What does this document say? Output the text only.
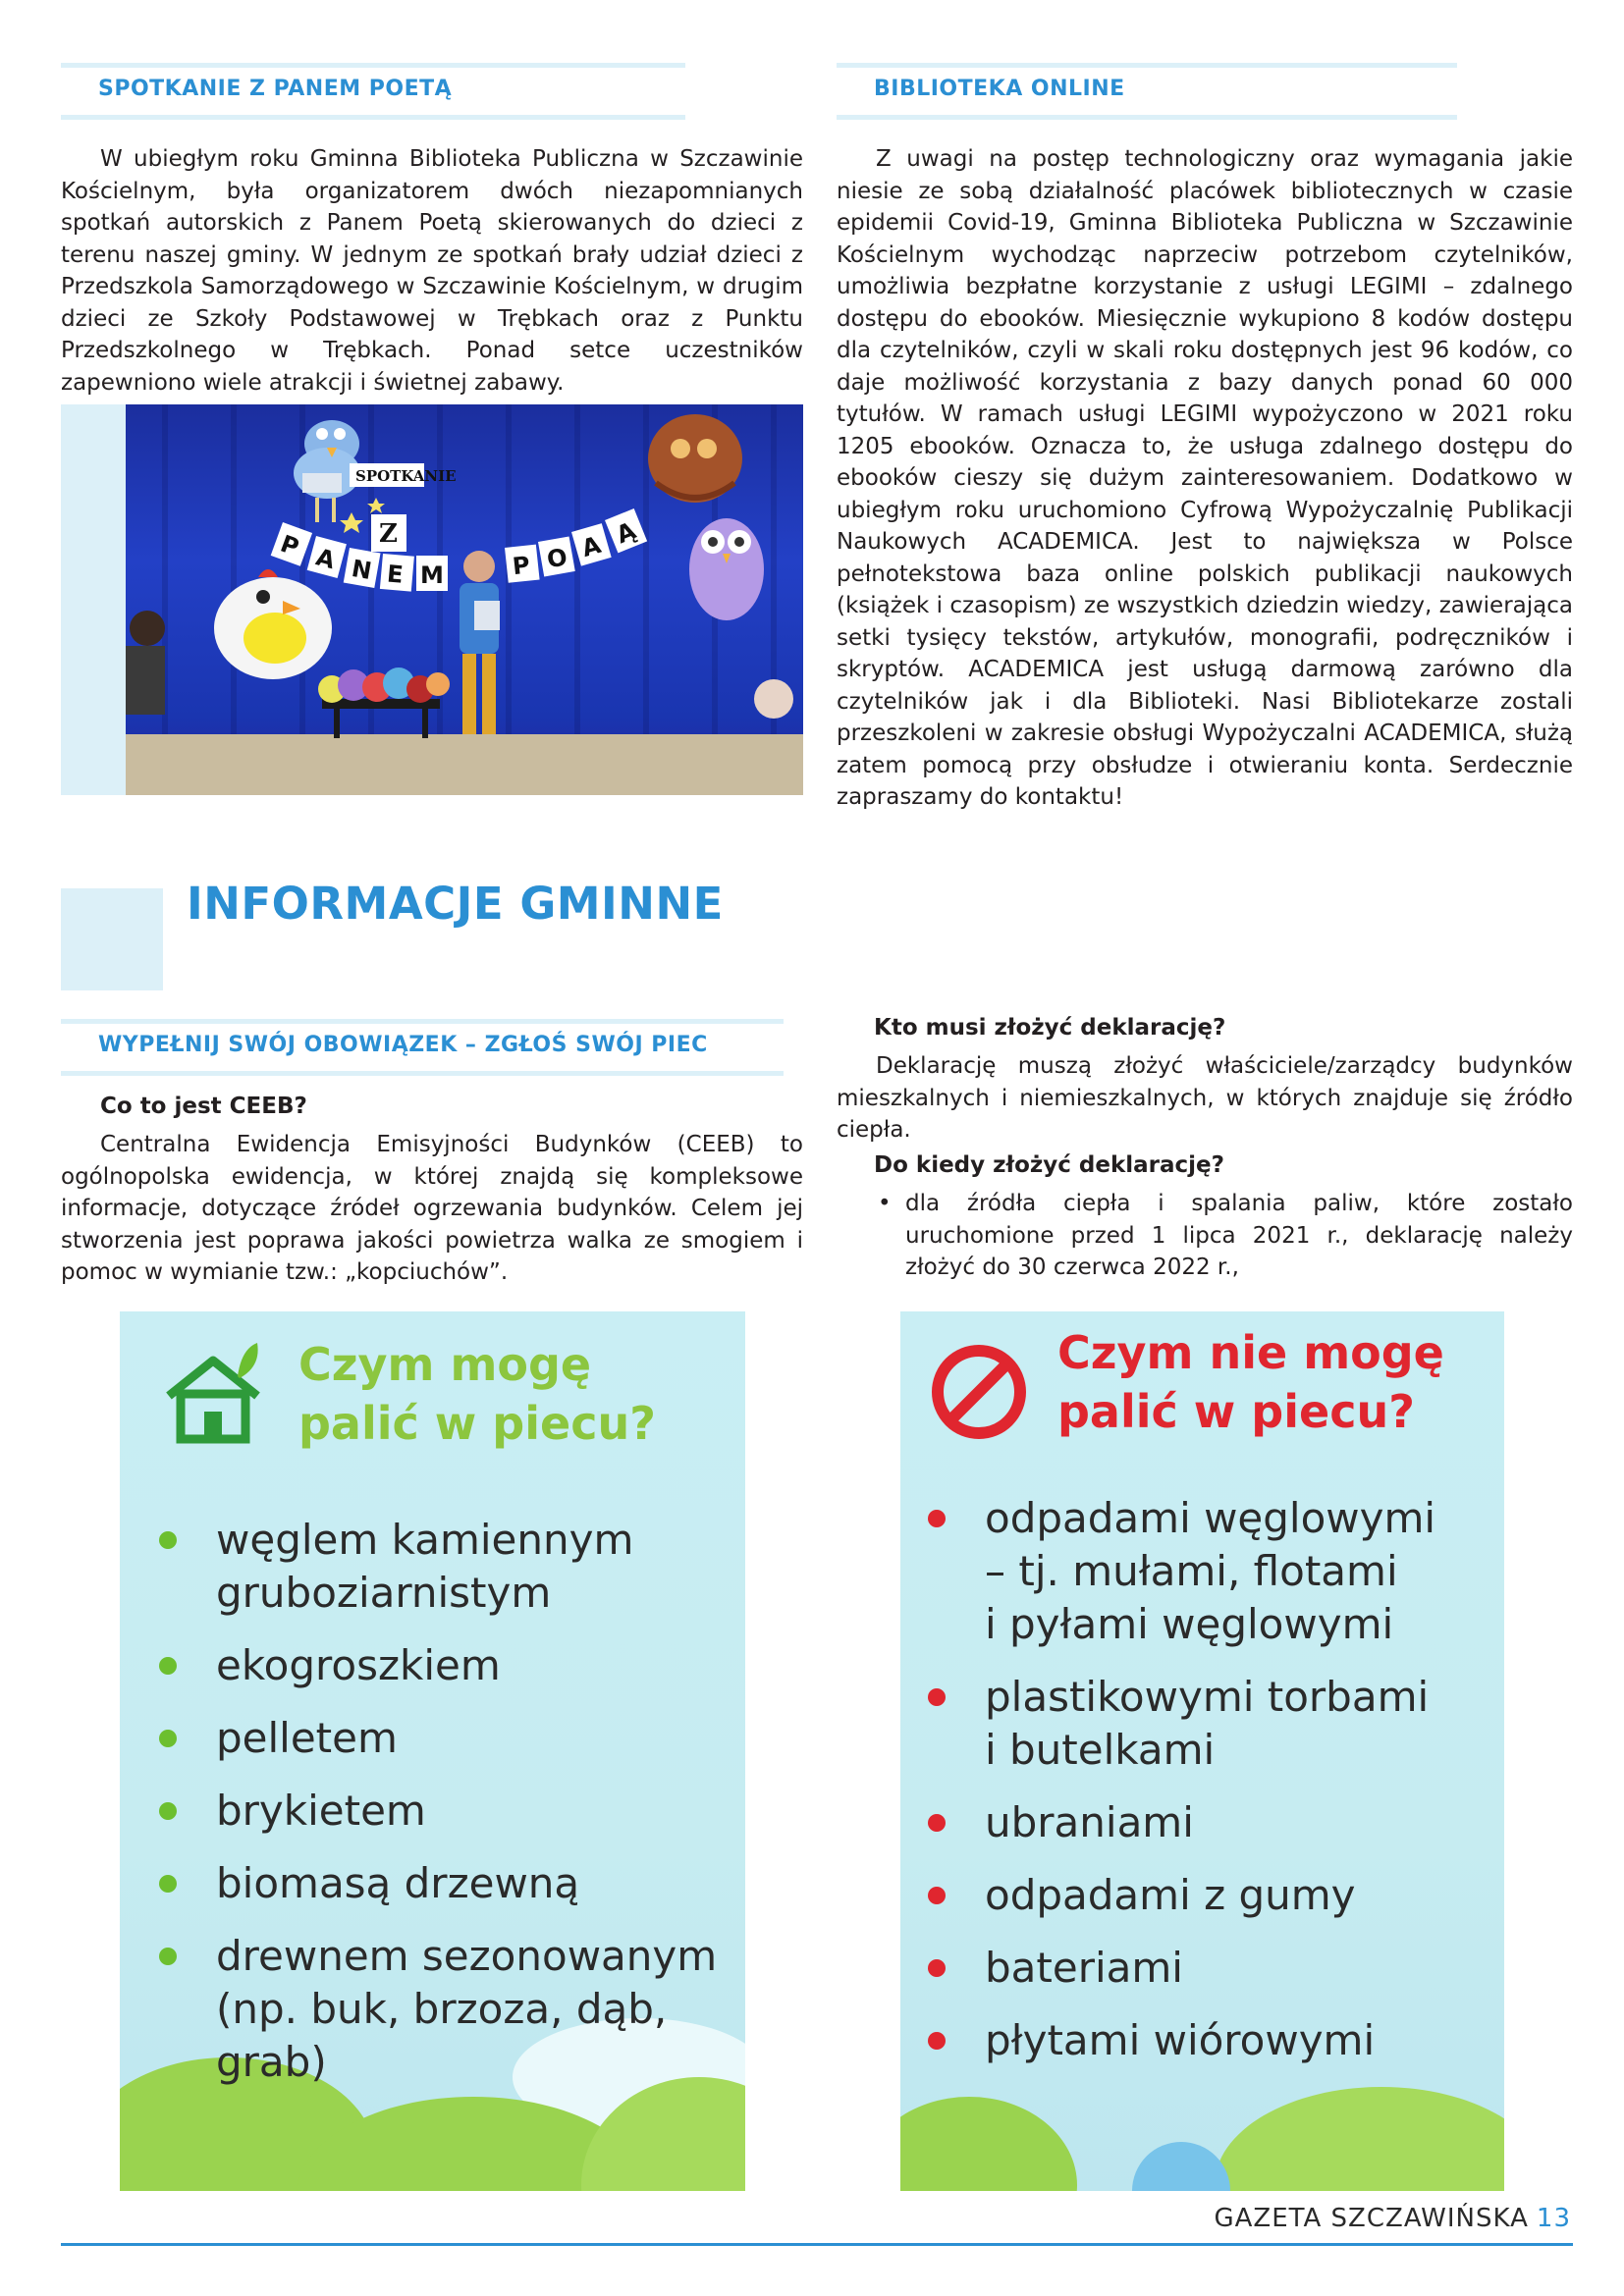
SPOTKANIE Z PANEM POETĄ
W ubiegłym roku Gminna Biblioteka Publiczna w Szczawinie Kościelnym, była organizatorem dwóch niezapomnianych spotkań autorskich z Panem Poetą skierowanych do dzieci z terenu naszej gminy. W jednym ze spotkań brały udział dzieci z Przedszkola Samorządowego w Szczawinie Kościelnym, w drugim dzieci ze Szkoły Podstawowej w Trębkach oraz z Punktu Przedszkolnego w Trębkach. Ponad setce uczestników zapewniono wiele atrakcji i świetnej zabawy.
SPOTKANIE
Z
P A N E M	P O A Ą
BIBLIOTEKA ONLINE
Z uwagi na postęp technologiczny oraz wymagania jakie niesie ze sobą działalność placówek bibliotecznych w czasie epidemii Covid-19, Gminna Biblioteka Publiczna w Szczawinie Kościelnym wychodząc naprzeciw potrzebom czytelników, umożliwia bezpłatne korzystanie z usługi LEGIMI – zdalnego dostępu do ebooków. Miesięcznie wykupiono 8 kodów dostępu dla czytelników, czyli w skali roku dostępnych jest 96 kodów, co daje możliwość korzystania z bazy danych ponad 60 000 tytułów. W ramach usługi LEGIMI wypożyczono w 2021 roku 1205 ebooków. Oznacza to, że usługa zdalnego dostępu do ebooków cieszy się dużym zainteresowaniem. Dodatkowo w ubiegłym roku uruchomiono Cyfrową Wypożyczalnię Publikacji Naukowych ACADEMICA. Jest to największa w Polsce pełnotekstowa baza online polskich publikacji naukowych (książek i czasopism) ze wszystkich dziedzin wiedzy, zawierająca setki tysięcy tekstów, artykułów, monografii, podręczników i skryptów. ACADEMICA jest usługą darmową zarówno dla czytelników jak i dla Biblioteki. Nasi Bibliotekarze zostali przeszkoleni w zakresie obsługi Wypożyczalni ACADEMICA, służą zatem pomocą przy obsłudze i otwieraniu konta. Serdecznie zapraszamy do kontaktu!
INFORMACJE GMINNE
WYPEŁNIJ SWÓJ OBOWIĄZEK – ZGŁOŚ SWÓJ PIEC
Co to jest CEEB?
Centralna Ewidencja Emisyjności Budynków (CEEB) to ogólnopolska ewidencja, w której znajdą się kompleksowe informacje, dotyczące źródeł ogrzewania budynków. Celem jej stworzenia jest poprawa jakości powietrza walka ze smogiem i pomoc w wymianie tzw.: „kopciuchów”.
Kto musi złożyć deklarację?
Deklarację muszą złożyć właściciele/zarządcy budynków mieszkalnych i niemieszkalnych, w których znajduje się źródło ciepła.
Do kiedy złożyć deklarację?
• dla źródła ciepła i spalania paliw, które zostało uruchomione przed 1 lipca 2021 r., deklarację należy złożyć do 30 czerwca 2022 r.,
Czym mogę
palić w piecu?
węglem kamiennym
gruboziarnistym
ekogroszkiem
pelletem
brykietem
biomasą drzewną
drewnem sezonowanym
(np. buk, brzoza, dąb,
grab)
Czym nie mogę
palić w piecu?
odpadami węglowymi
– tj. mułami, flotami
i pyłami węglowymi
plastikowymi torbami
i butelkami
ubraniami
odpadami z gumy
bateriami
płytami wiórowymi
GAZETA SZCZAWIŃSKA 13
